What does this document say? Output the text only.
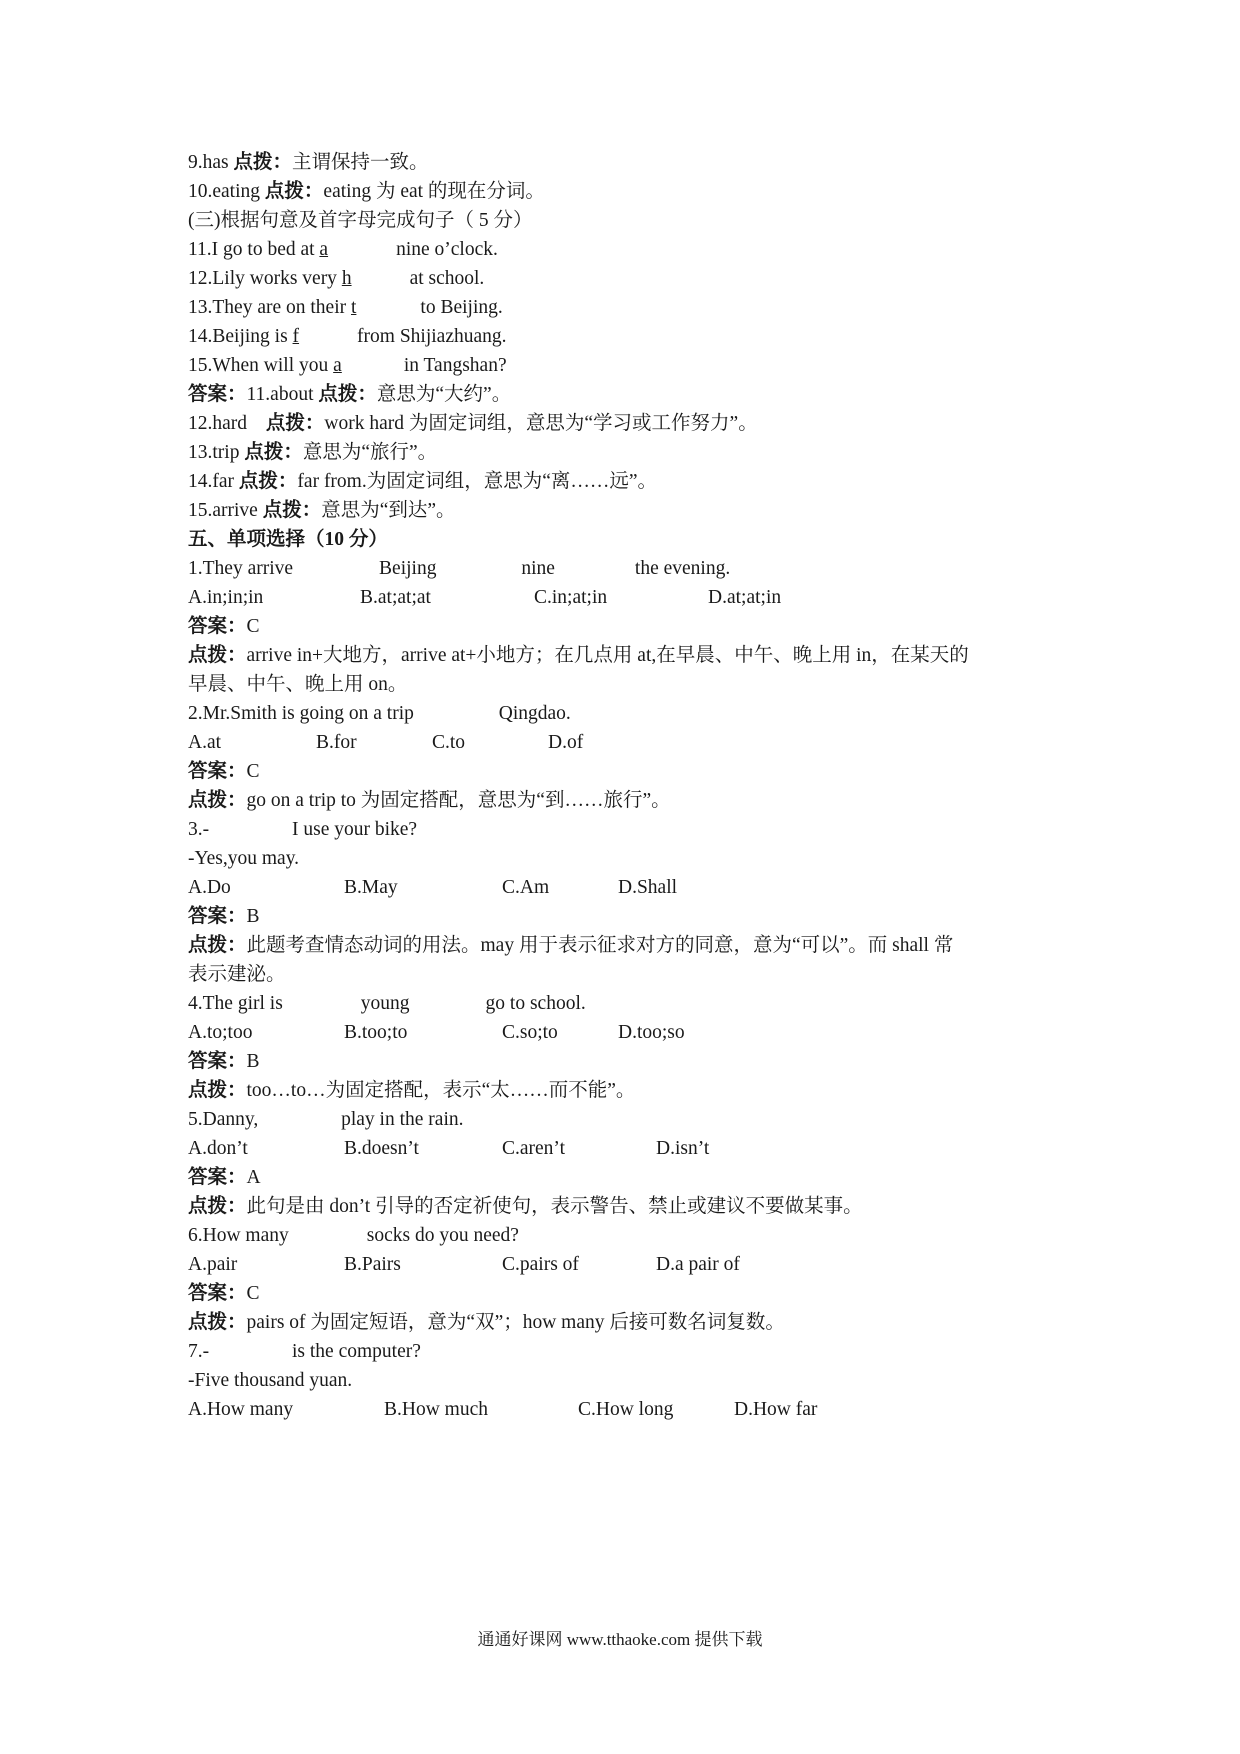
9.has 点拨：主谓保持一致。
10.eating 点拨：eating 为 eat 的现在分词。
(三)根据句意及首字母完成句子（ 5 分）
11.I go to bed at a	nine o’clock.
12.Lily works very h	at school.
13.They are on their t	to Beijing.
14.Beijing is f	from Shijiazhuang.
15.When will you a	in Tangshan?
答案：11.about 点拨：意思为“大约”。
12.hard 点拨：work hard 为固定词组，意思为“学习或工作努力”。
13.trip 点拨：意思为“旅行”。
14.far 点拨：far from.为固定词组，意思为“离……远”。
15.arrive 点拨：意思为“到达”。
五、单项选择（10 分）
1.They arrive	Beijing	nine	the evening.
A.in;in;in	B.at;at;at	C.in;at;in	D.at;at;in
答案：C
点拨：arrive in+大地方，arrive at+小地方；在几点用 at,在早晨、中午、晚上用 in，在某天的
早晨、中午、晚上用 on。
2.Mr.Smith is going on a trip	Qingdao.
A.at	B.for	C.to	D.of
答案：C
点拨：go on a trip to 为固定搭配，意思为“到……旅行”。
3.-	I use your bike?
-Yes,you may.
A.Do	B.May	C.Am	D.Shall
答案：B
点拨：此题考查情态动词的用法。may 用于表示征求对方的同意，意为“可以”。而 shall 常
表示建泌。
4.The girl is	young	go to school.
A.to;too	B.too;to	C.so;to	D.too;so
答案：B
点拨：too…to…为固定搭配，表示“太……而不能”。
5.Danny,	play in the rain.
A.don’t	B.doesn’t	C.aren’t	D.isn’t
答案：A
点拨：此句是由 don’t 引导的否定祈使句，表示警告、禁止或建议不要做某事。
6.How many	socks do you need?
A.pair	B.Pairs	C.pairs of	D.a pair of
答案：C
点拨：pairs of 为固定短语，意为“双”；how many 后接可数名词复数。
7.-	is the computer?
-Five thousand yuan.
A.How many	B.How much	C.How long	D.How far
通通好课网 www.tthaoke.com 提供下载
